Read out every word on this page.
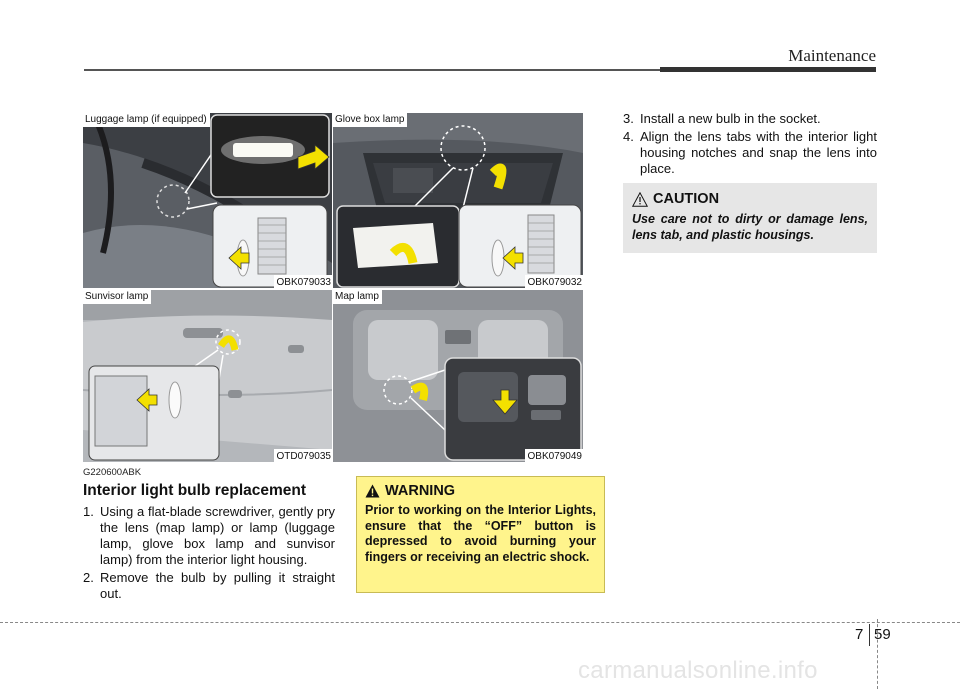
Maintenance
Luggage lamp (if equipped)
OBK079033
Glove box lamp
OBK079032
Sunvisor lamp
OTD079035
Map lamp
OBK079049
G220600ABK
Interior light bulb replacement
1. Using a flat-blade screwdriver, gently pry the lens (map lamp) or lamp (luggage lamp, glove box lamp and sunvisor lamp) from the interior light housing.
2. Remove the bulb by pulling it straight out.
WARNING
Prior to working on the Interior Lights, ensure that the “OFF” button is depressed to avoid burning your fingers or receiving an electric shock.
3. Install a new bulb in the socket.
4. Align the lens tabs with the interior light housing notches and snap the lens into place.
CAUTION
Use care not to dirty or damage lens, lens tab, and plastic housings.
7 59
carmanualsonline.info
